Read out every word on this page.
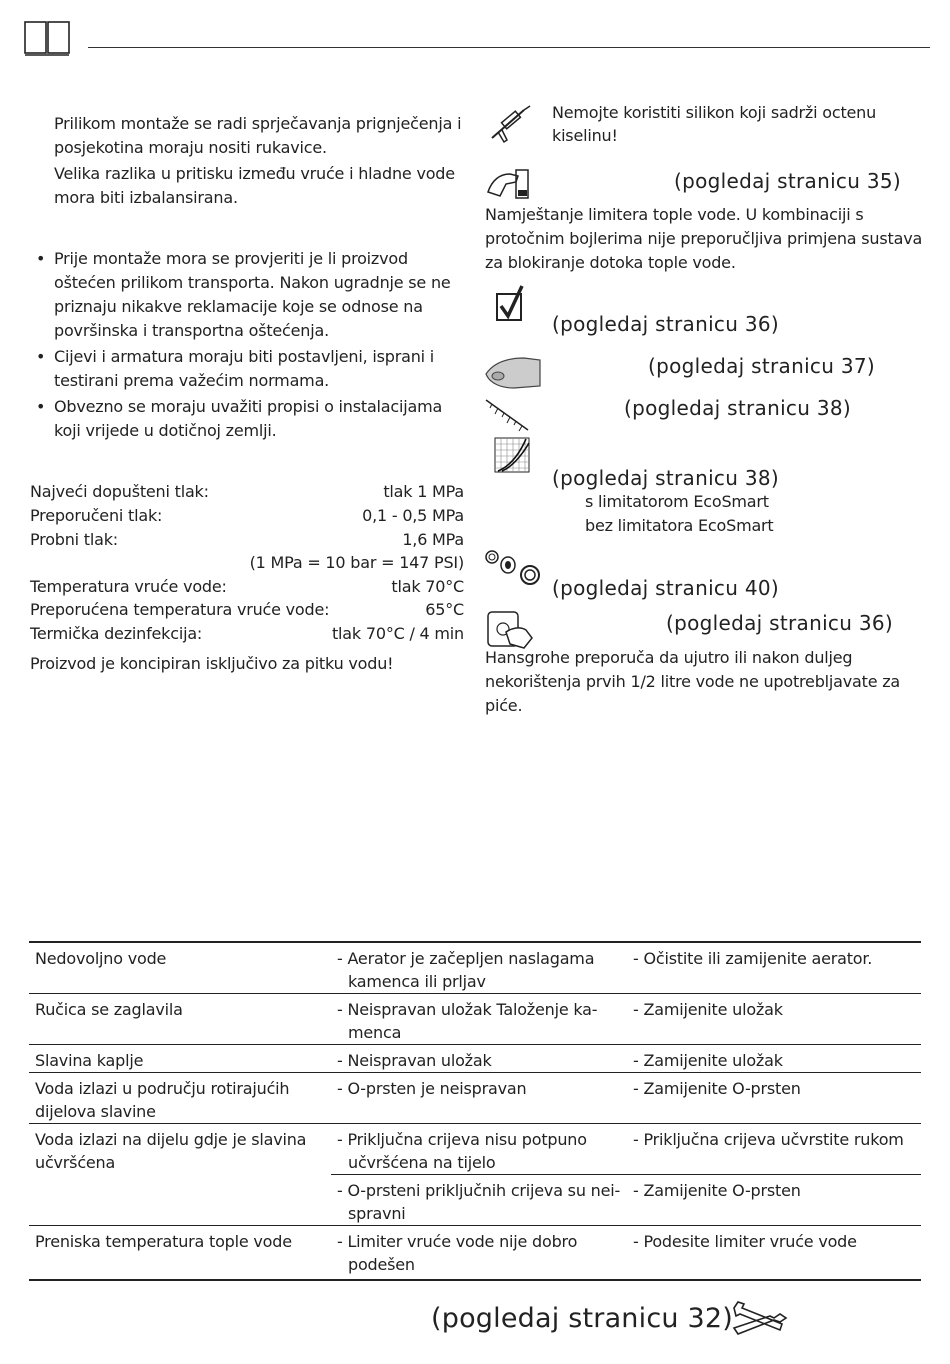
Prilikom montaže se radi sprječavanja prignječenja i posjekotina moraju nositi rukavice.
Velika razlika u pritisku između vruće i hladne vode mora biti izbalansirana.
• Prije montaže mora se provjeriti je li proizvod oštećen prilikom transporta. Nakon ugradnje se ne priznaju nikakve reklamacije koje se odnose na površinska i transportna oštećenja.
• Cijevi i armatura moraju biti postavljeni, isprani i testirani prema važećim normama.
• Obvezno se moraju uvažiti propisi o instalacijama koji vrijede u dotičnoj zemlji.
Najveći dopušteni tlak:	tlak 1 MPa
Preporučeni tlak:	0,1 - 0,5 MPa
Probni tlak:	1,6 MPa
(1 MPa = 10 bar = 147 PSI)
Temperatura vruće vode:	tlak 70°C
Preporućena temperatura vruće vode:	65°C
Termička dezinfekcija:	tlak 70°C / 4 min
Proizvod je koncipiran isključivo za pitku vodu!
Nemojte koristiti silikon koji sadrži octenu kiselinu!
(pogledaj stranicu 35)
Namještanje limitera tople vode. U kombinaciji s protočnim bojlerima nije preporučljiva primjena sustava za blokiranje dotoka tople vode.
(pogledaj stranicu 36)
(pogledaj stranicu 37)
(pogledaj stranicu 38)
(pogledaj stranicu 38)
s limitatorom EcoSmart
bez limitatora EcoSmart
(pogledaj stranicu 40)
(pogledaj stranicu 36)
Hansgrohe preporuča da ujutro ili nakon duljeg nekorištenja prvih 1/2 litre vode ne upotrebljavate za piće.
Nedovoljno vode	- Aerator je začepljen naslagama kamenca ili prljav	- Očistite ili zamijenite aerator.
Ručica se zaglavila	- Neispravan uložak Taloženje kamenca	- Zamijenite uložak
Slavina kaplje	- Neispravan uložak	- Zamijenite uložak
Voda izlazi u području rotirajućih dijelova slavine	- O-prsten je neispravan	- Zamijenite O-prsten
Voda izlazi na dijelu gdje je slavina učvršćena	- Priključna crijeva nisu potpuno učvršćena na tijelo	- Priključna crijeva učvrstite rukom

	- O-prsteni priključnih crijeva su neispravni	- Zamijenite O-prsten
Preniska temperatura tople vode	- Limiter vruće vode nije dobro podešen	- Podesite limiter vruće vode
(pogledaj stranicu 32)
